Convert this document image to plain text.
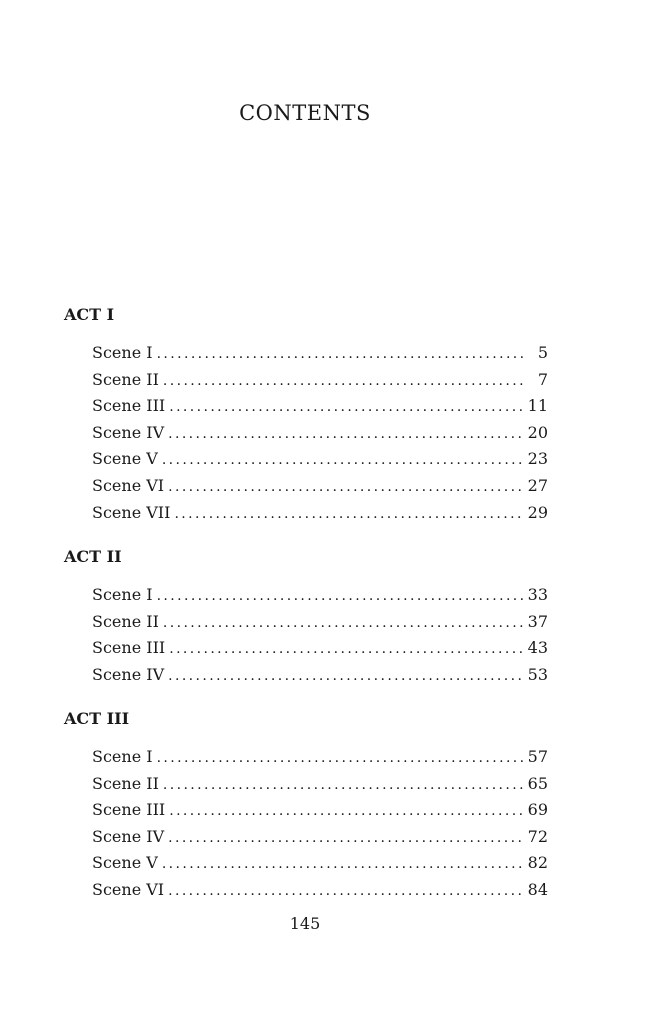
CONTENTS
ACT I
Scene I .....	5
Scene II .....	7
Scene III .....	11
Scene IV .....	20
Scene V .....	23
Scene VI .....	27
Scene VII .....	29
ACT II
Scene I .....	33
Scene II .....	37
Scene III .....	43
Scene IV .....	53
ACT III
Scene I .....	57
Scene II .....	65
Scene III .....	69
Scene IV .....	72
Scene V .....	82
Scene VI .....	84
145
